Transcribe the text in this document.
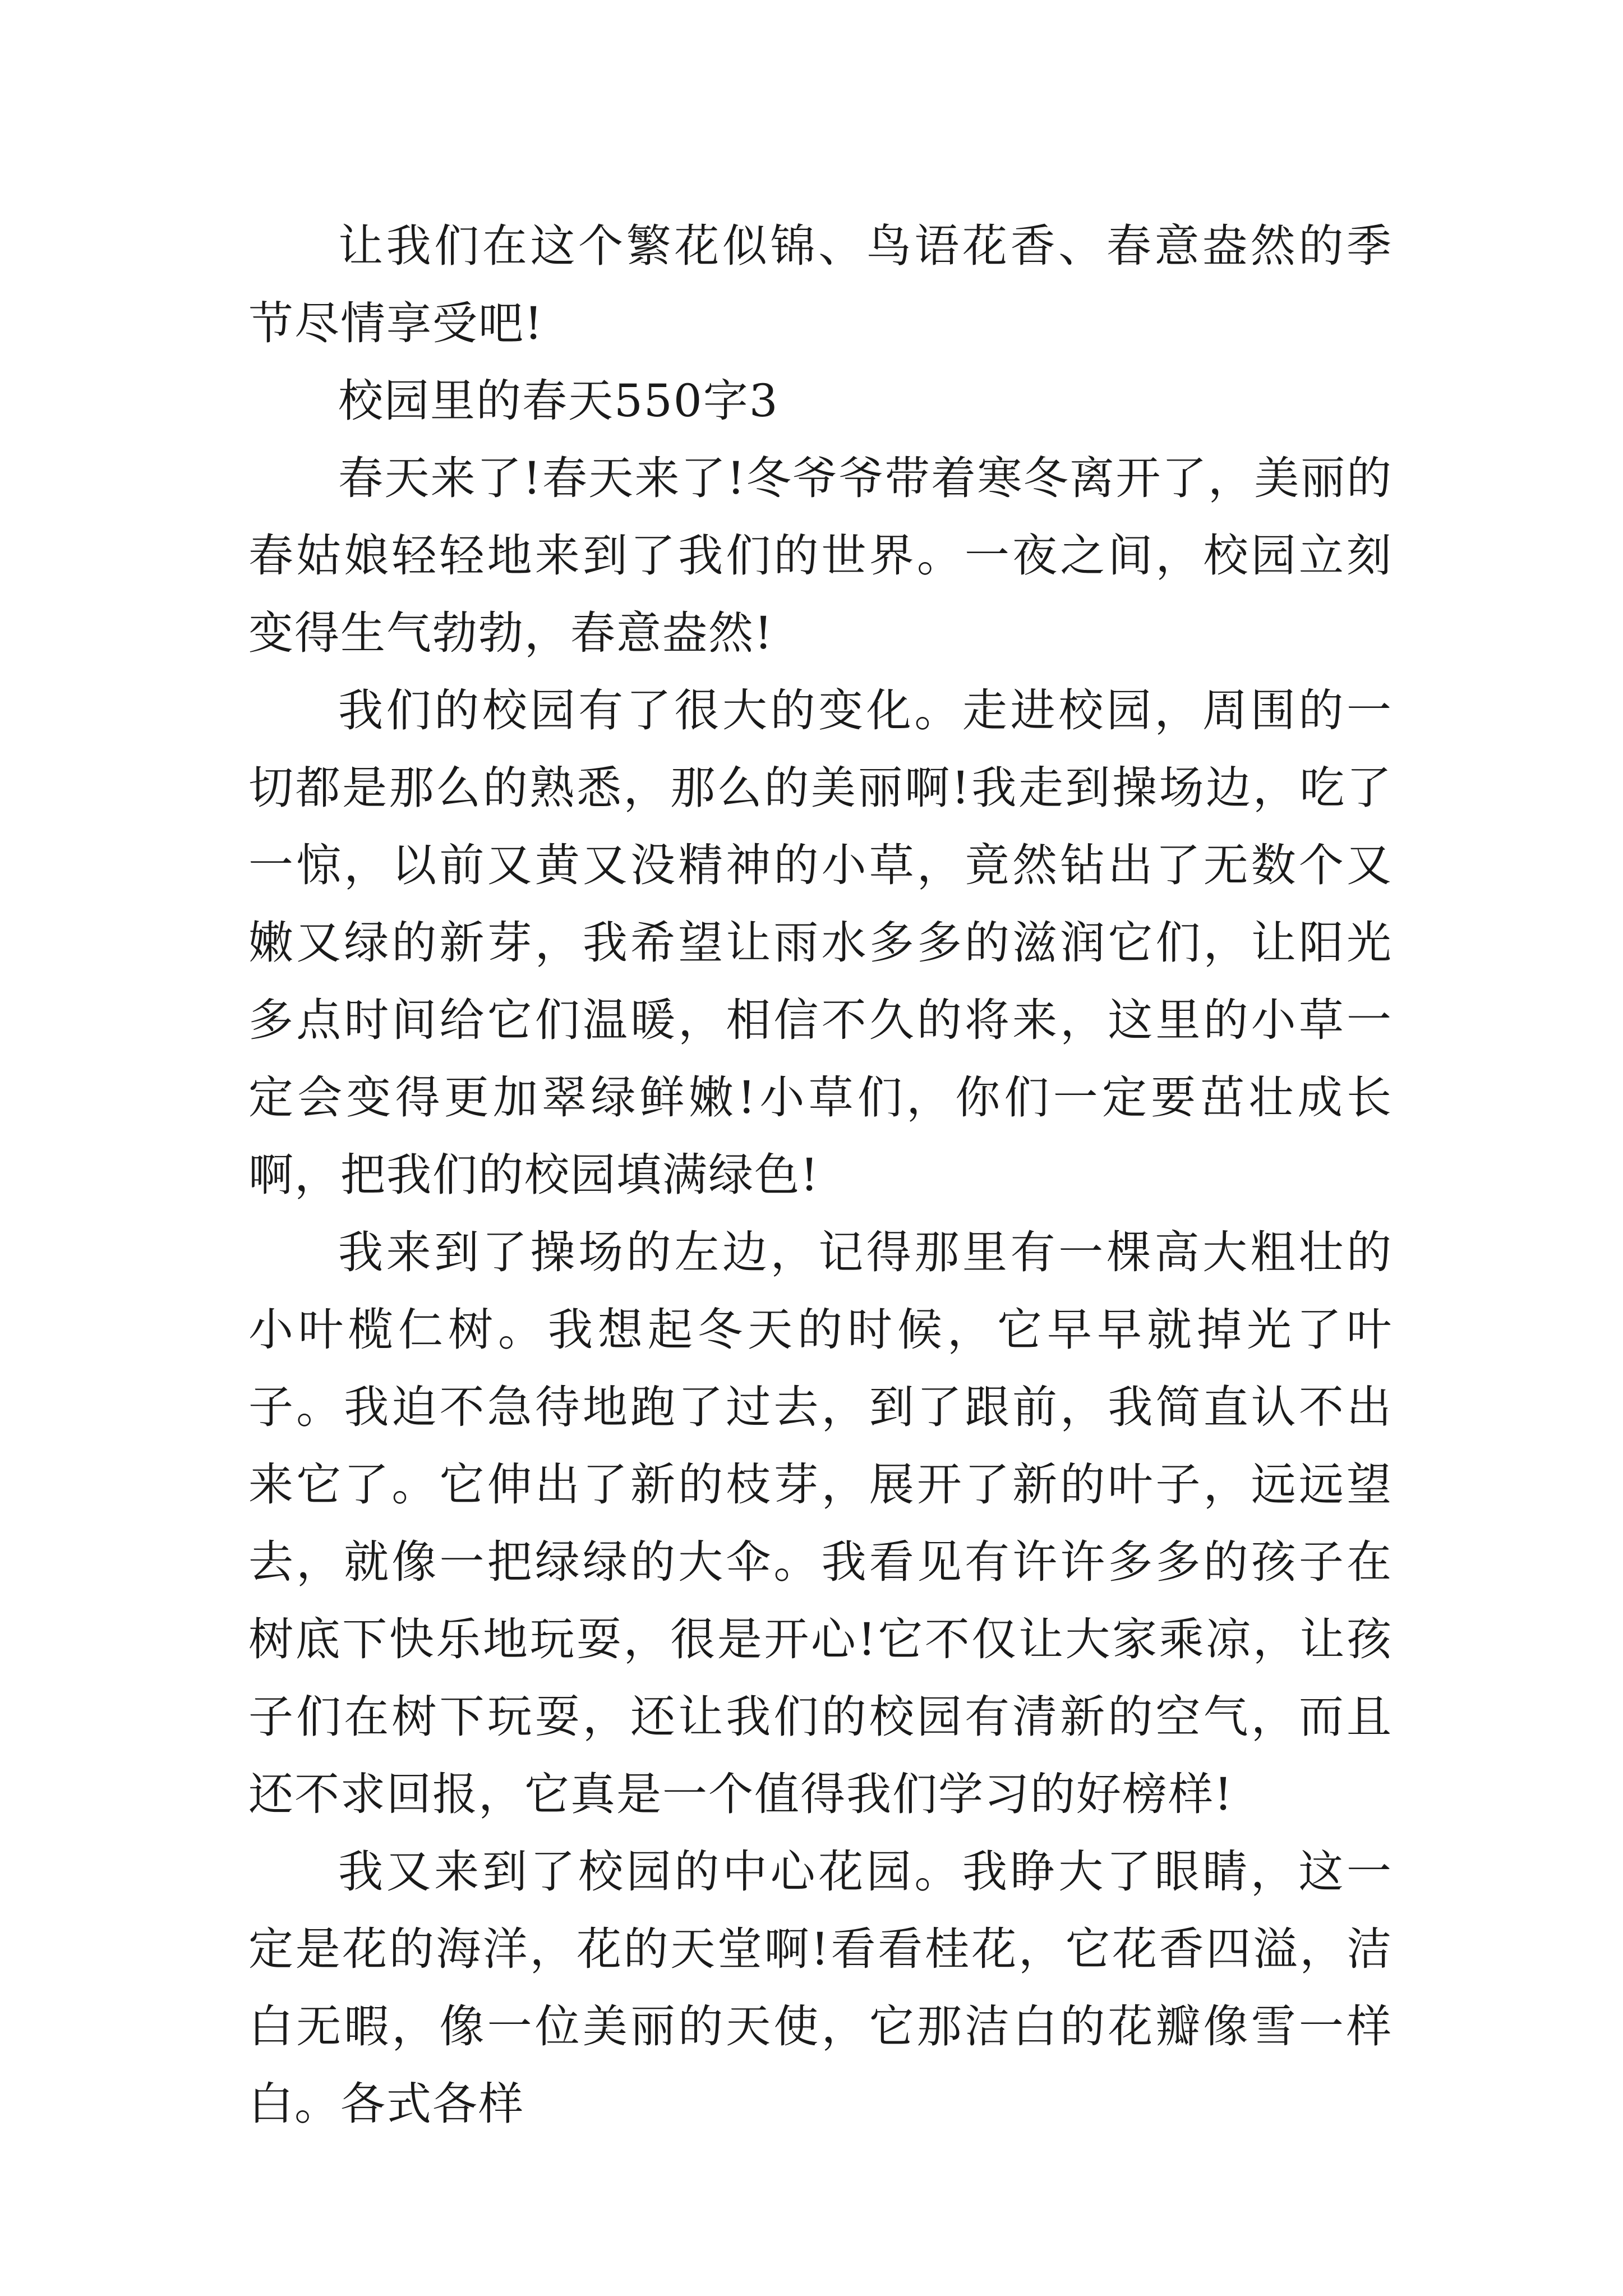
让我们在这个繁花似锦、鸟语花香、春意盎然的季节尽情享受吧!

校园里的春天550字3

春天来了!春天来了!冬爷爷带着寒冬离开了，美丽的春姑娘轻轻地来到了我们的世界。一夜之间，校园立刻变得生气勃勃，春意盎然!

我们的校园有了很大的变化。走进校园，周围的一切都是那么的熟悉，那么的美丽啊!我走到操场边，吃了一惊，以前又黄又没精神的小草，竟然钻出了无数个又嫩又绿的新芽，我希望让雨水多多的滋润它们，让阳光多点时间给它们温暖，相信不久的将来，这里的小草一定会变得更加翠绿鲜嫩!小草们，你们一定要茁壮成长啊，把我们的校园填满绿色!

我来到了操场的左边，记得那里有一棵高大粗壮的小叶榄仁树。我想起冬天的时候，它早早就掉光了叶子。我迫不急待地跑了过去，到了跟前，我简直认不出来它了。它伸出了新的枝芽，展开了新的叶子，远远望去，就像一把绿绿的大伞。我看见有许许多多的孩子在树底下快乐地玩耍，很是开心!它不仅让大家乘凉，让孩子们在树下玩耍，还让我们的校园有清新的空气，而且还不求回报，它真是一个值得我们学习的好榜样!

我又来到了校园的中心花园。我睁大了眼睛，这一定是花的海洋，花的天堂啊!看看桂花，它花香四溢，洁白无暇，像一位美丽的天使，它那洁白的花瓣像雪一样白。各式各样
